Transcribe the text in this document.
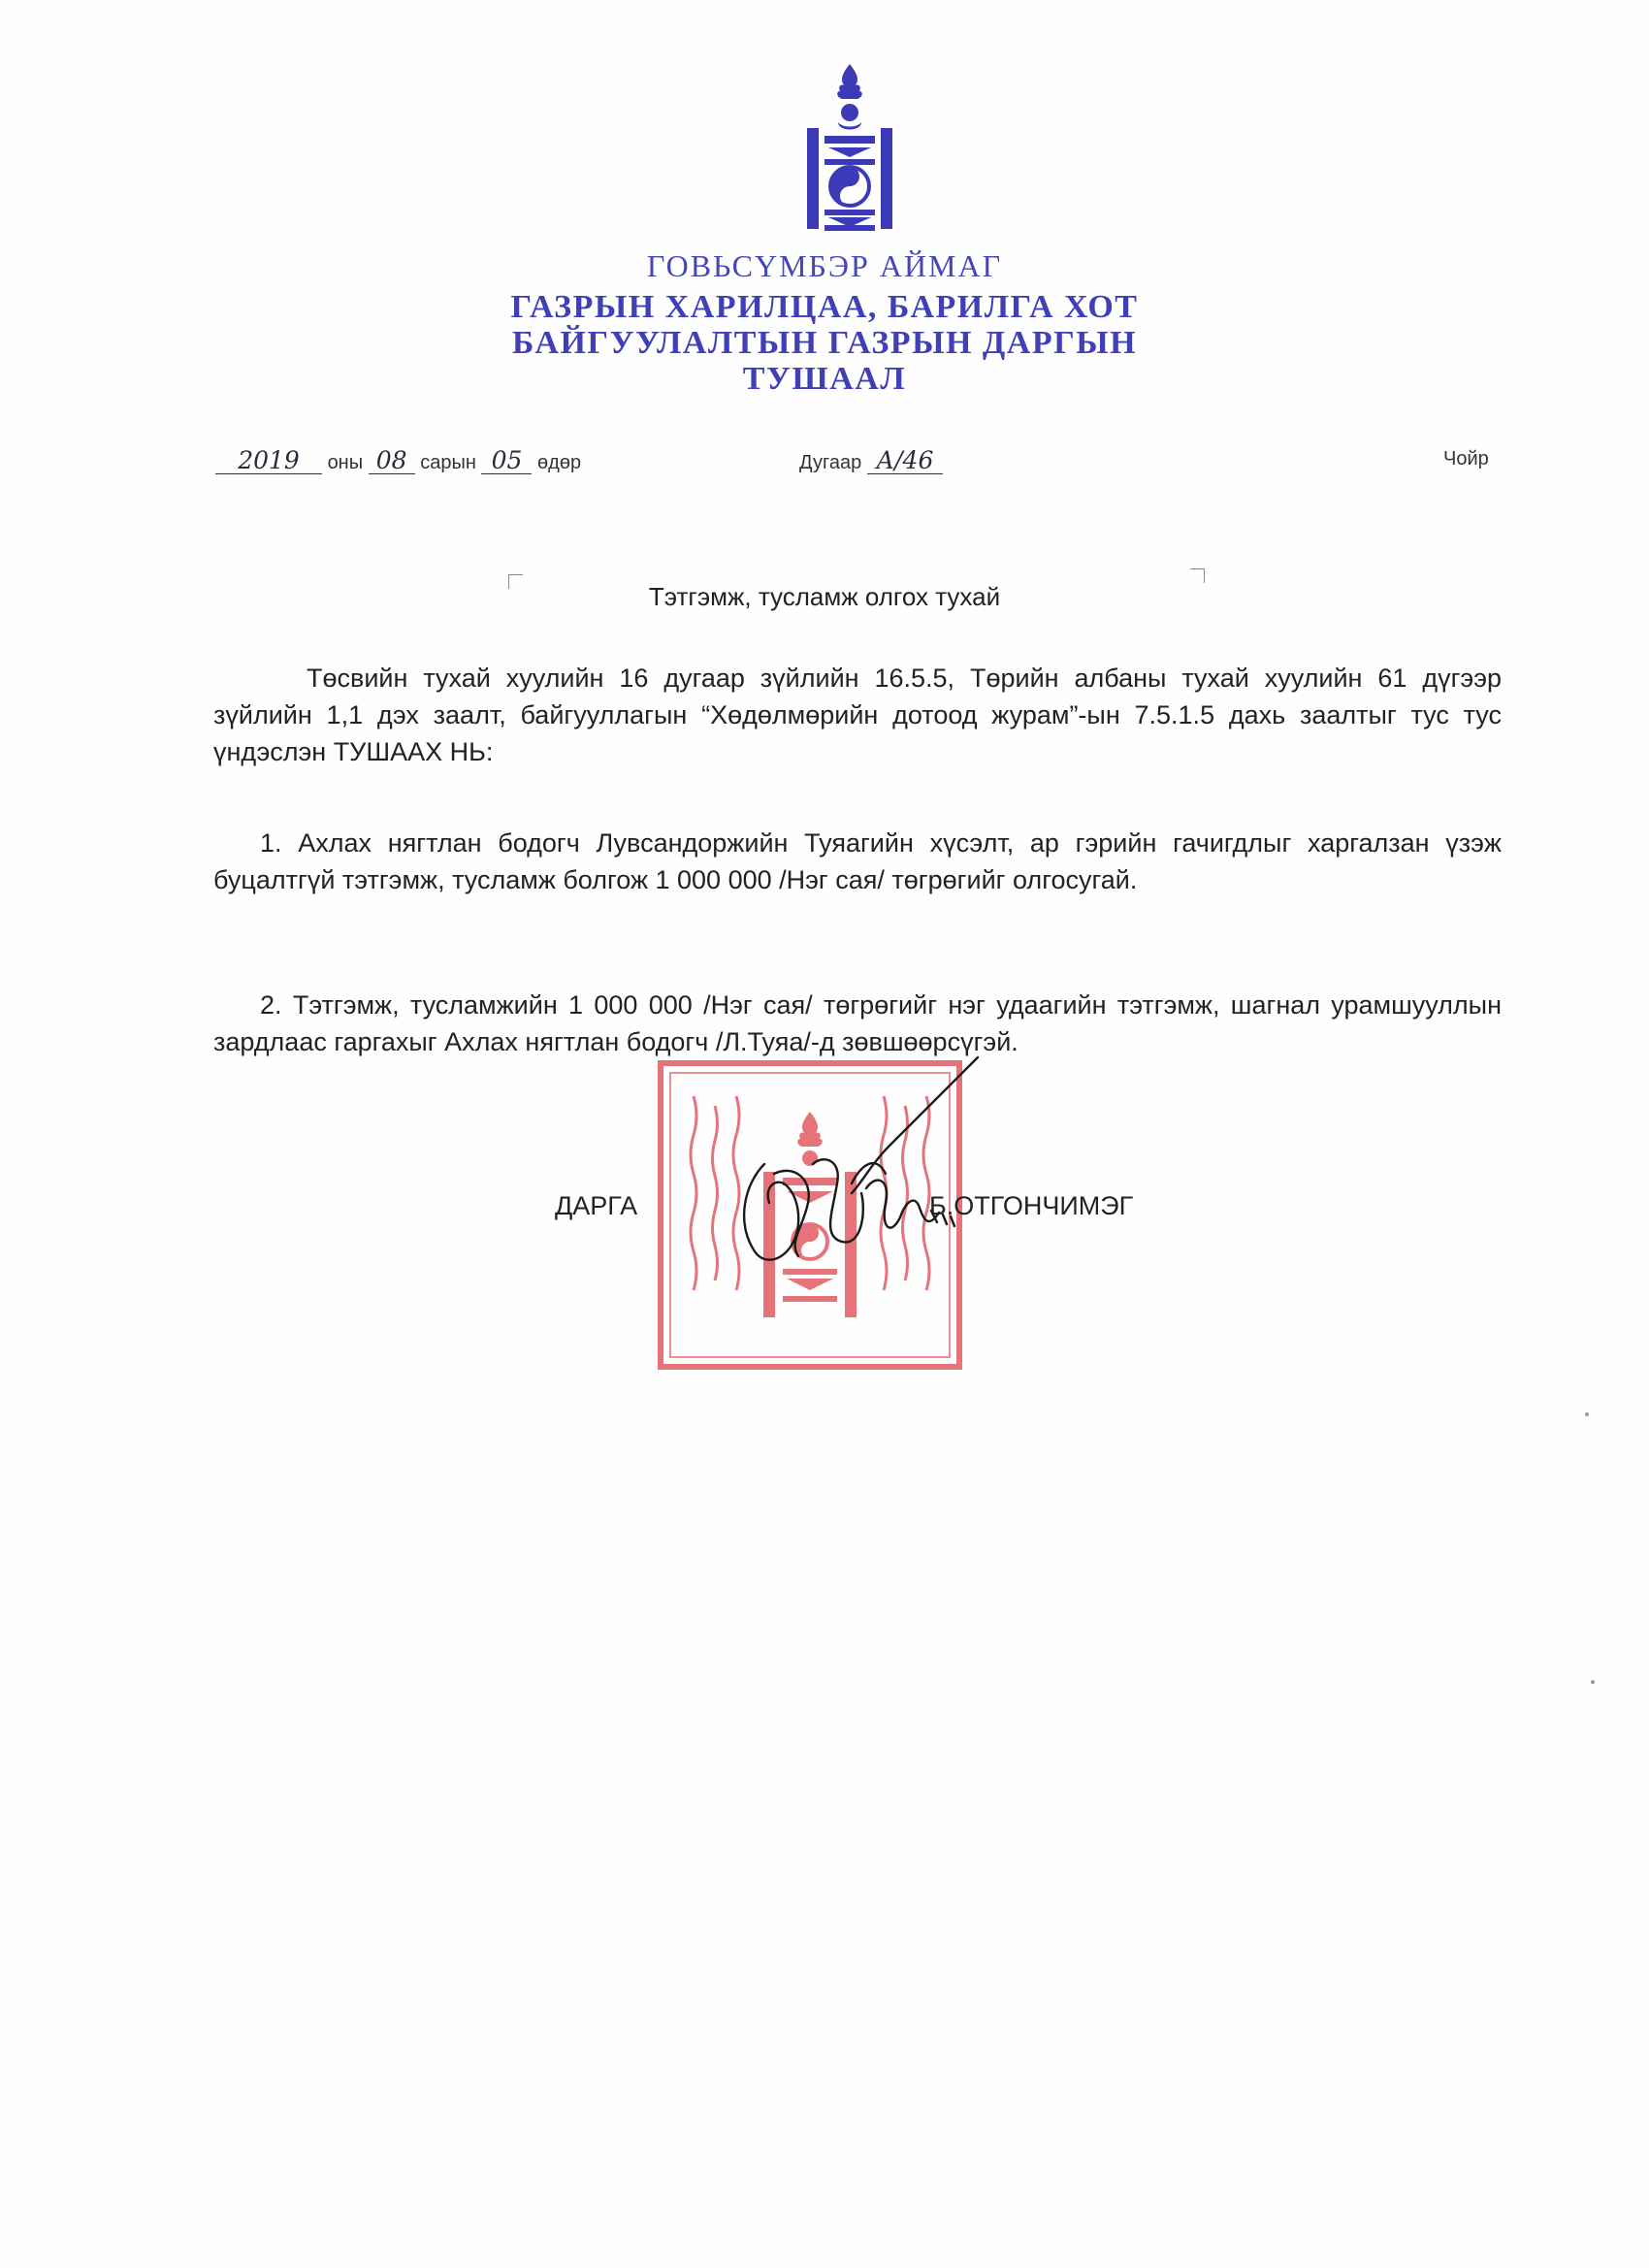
ГОВЬСҮМБЭР АЙМАГ
ГАЗРЫН ХАРИЛЦАА, БАРИЛГА ХОТ
БАЙГУУЛАЛТЫН ГАЗРЫН ДАРГЫН
ТУШААЛ
2019 оны 08 сарын 05 өдөр	Дугаар А/46	Чойр
Тэтгэмж, тусламж олгох тухай
Төсвийн тухай хуулийн 16 дугаар зүйлийн 16.5.5, Төрийн албаны тухай хуулийн 61 дүгээр зүйлийн 1,1 дэх заалт, байгууллагын “Хөдөлмөрийн дотоод журам”-ын 7.5.1.5 дахь заалтыг тус тус үндэслэн ТУШААХ НЬ:
1. Ахлах нягтлан бодогч Лувсандоржийн Туяагийн хүсэлт, ар гэрийн гачигдлыг харгалзан үзэж буцалтгүй тэтгэмж, тусламж болгож 1 000 000 /Нэг сая/ төгрөгийг олгосугай.
2. Тэтгэмж, тусламжийн 1 000 000 /Нэг сая/ төгрөгийг нэг удаагийн тэтгэмж, шагнал урамшууллын зардлаас гаргахыг Ахлах нягтлан бодогч /Л.Туяа/-д зөвшөөрсүгэй.
ДАРГА	Б.ОТГОНЧИМЭГ
